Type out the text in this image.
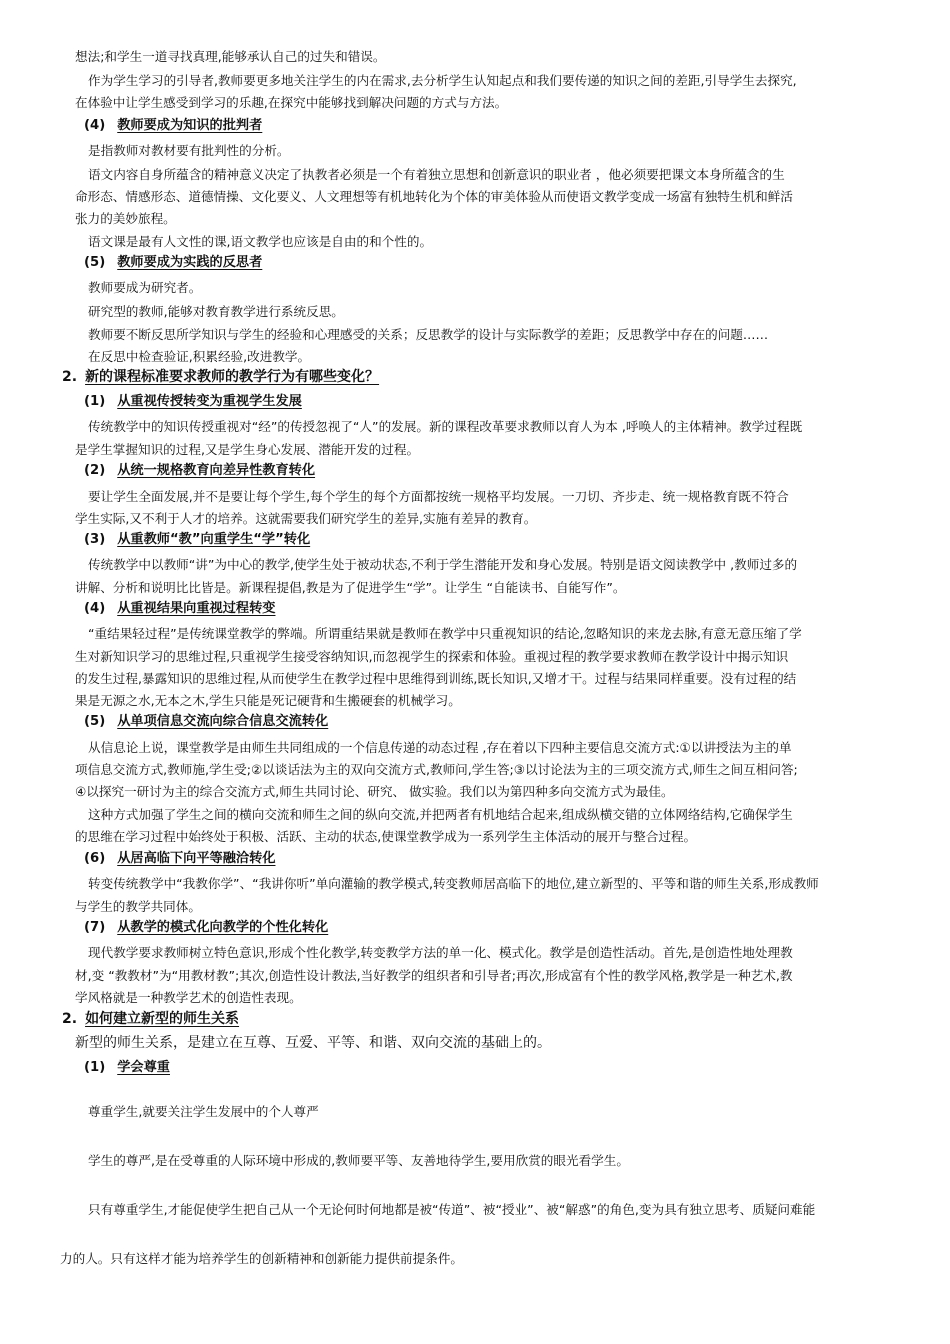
想法;和学生一道寻找真理,能够承认自己的过失和错误。
作为学生学习的引导者,教师要更多地关注学生的内在需求,去分析学生认知起点和我们要传递的知识之间的差距,引导学生去探究,
在体验中让学生感受到学习的乐趣,在探究中能够找到解决问题的方式与方法。
(4) 教师要成为知识的批判者
是指教师对教材要有批判性的分析。
语文内容自身所蕴含的精神意义决定了执教者必须是一个有着独立思想和创新意识的职业者 ，他必须要把课文本身所蕴含的生
命形态、情感形态、道德情操、文化要义、人文理想等有机地转化为个体的审美体验从而使语文教学变成一场富有独特生机和鲜活
张力的美妙旅程。
语文课是最有人文性的课,语文教学也应该是自由的和个性的。
(5) 教师要成为实践的反思者
教师要成为研究者。
研究型的教师,能够对教育教学进行系统反思。
教师要不断反思所学知识与学生的经验和心理感受的关系；反思教学的设计与实际教学的差距；反思教学中存在的问题……
在反思中检查验证,积累经验,改进教学。
2. 新的课程标准要求教师的教学行为有哪些变化？
(1) 从重视传授转变为重视学生发展
传统教学中的知识传授重视对“经”的传授忽视了“人”的发展。新的课程改革要求教师以育人为本 ,呼唤人的主体精神。教学过程既
是学生掌握知识的过程,又是学生身心发展、潜能开发的过程。
(2) 从统一规格教育向差异性教育转化
要让学生全面发展,并不是要让每个学生,每个学生的每个方面都按统一规格平均发展。一刀切、齐步走、统一规格教育既不符合
学生实际,又不利于人才的培养。这就需要我们研究学生的差异,实施有差异的教育。
(3) 从重教师“教”向重学生“学”转化
传统教学中以教师“讲”为中心的教学,使学生处于被动状态,不利于学生潜能开发和身心发展。特别是语文阅读教学中 ,教师过多的
讲解、分析和说明比比皆是。新课程提倡,教是为了促进学生“学”。让学生 “自能读书、自能写作”。
(4) 从重视结果向重视过程转变
“重结果轻过程”是传统课堂教学的弊端。所谓重结果就是教师在教学中只重视知识的结论,忽略知识的来龙去脉,有意无意压缩了学
生对新知识学习的思维过程,只重视学生接受容纳知识,而忽视学生的探索和体验。重视过程的教学要求教师在教学设计中揭示知识
的发生过程,暴露知识的思维过程,从而使学生在教学过程中思维得到训练,既长知识,又增才干。过程与结果同样重要。没有过程的结
果是无源之水,无本之木,学生只能是死记硬背和生搬硬套的机械学习。
(5) 从单项信息交流向综合信息交流转化
从信息论上说，课堂教学是由师生共同组成的一个信息传递的动态过程 ,存在着以下四种主要信息交流方式:①以讲授法为主的单
项信息交流方式,教师施,学生受;②以谈话法为主的双向交流方式,教师问,学生答;③以讨论法为主的三项交流方式,师生之间互相问答;
④以探究一研讨为主的综合交流方式,师生共同讨论、研究、 做实验。我们以为第四种多向交流方式为最佳。
这种方式加强了学生之间的横向交流和师生之间的纵向交流,并把两者有机地结合起来,组成纵横交错的立体网络结构,它确保学生
的思维在学习过程中始终处于积极、活跃、主动的状态,使课堂教学成为一系列学生主体活动的展开与整合过程。
(6) 从居高临下向平等融洽转化
转变传统教学中“我教你学”、“我讲你听”单向灌输的教学模式,转变教师居高临下的地位,建立新型的、平等和谐的师生关系,形成教师
与学生的教学共同体。
(7) 从教学的模式化向教学的个性化转化
现代教学要求教师树立特色意识,形成个性化教学,转变教学方法的单一化、模式化。教学是创造性活动。首先,是创造性地处理教
材,变 “教教材”为“用教材教”;其次,创造性设计教法,当好教学的组织者和引导者;再次,形成富有个性的教学风格,教学是一种艺术,教
学风格就是一种教学艺术的创造性表现。
2. 如何建立新型的师生关系
新型的师生关系，是建立在互尊、互爱、平等、和谐、双向交流的基础上的。
(1) 学会尊重
尊重学生,就要关注学生发展中的个人尊严
学生的尊严,是在受尊重的人际环境中形成的,教师要平等、友善地待学生,要用欣赏的眼光看学生。
只有尊重学生,才能促使学生把自己从一个无论何时何地都是被“传道”、被“授业”、被“解惑”的角色,变为具有独立思考、质疑问难能
力的人。只有这样才能为培养学生的创新精神和创新能力提供前提条件。
